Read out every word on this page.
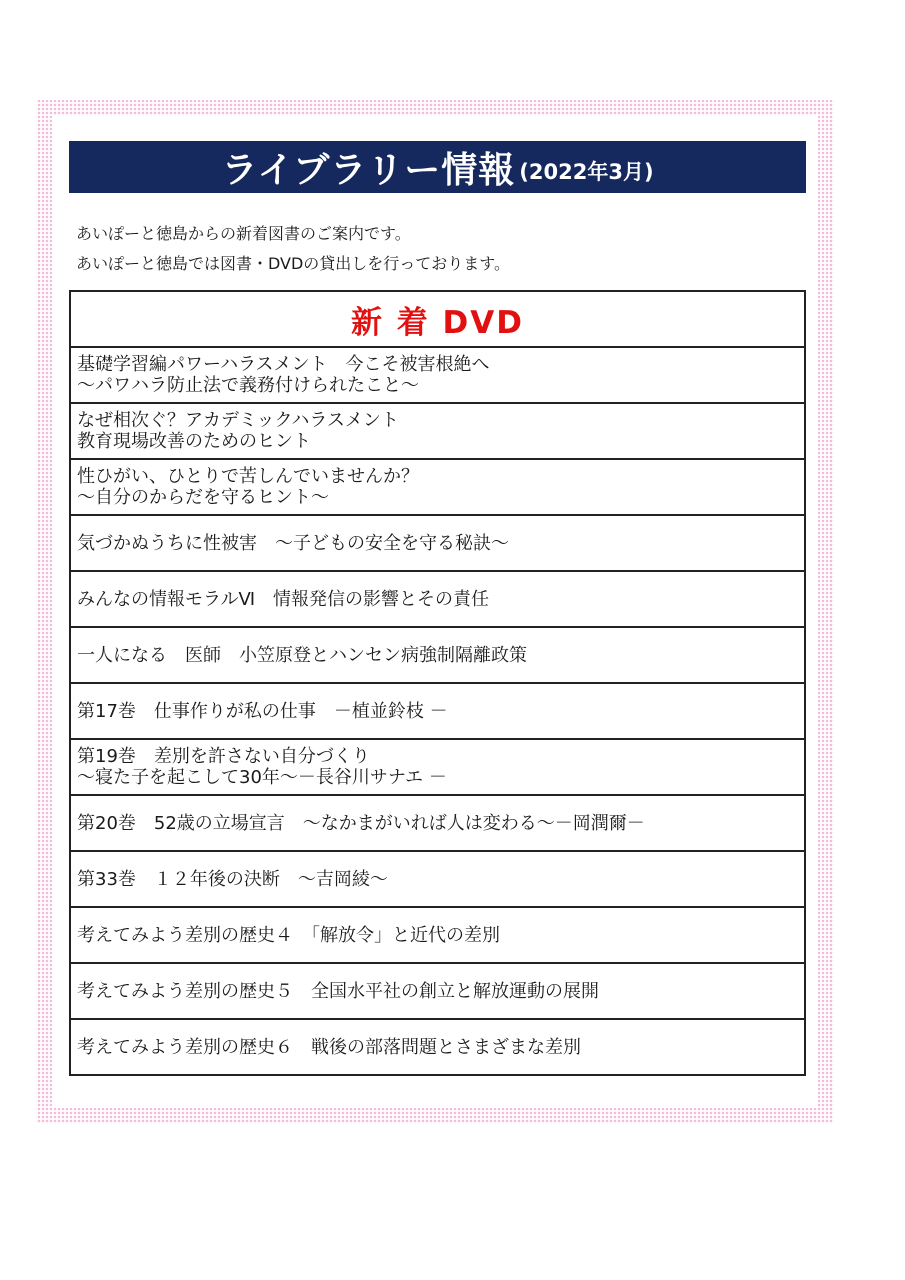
ライブラリー情報 (2022年3月)
あいぽーと徳島からの新着図書のご案内です。
あいぽーと徳島では図書・DVDの貸出しを行っております。
新 着 DVD
基礎学習編パワーハラスメント　今こそ被害根絶へ
～パワハラ防止法で義務付けられたこと～
なぜ相次ぐ？アカデミックハラスメント
教育現場改善のためのヒント
性ひがい、ひとりで苦しんでいませんか？
～自分のからだを守るヒント～
気づかぬうちに性被害　～子どもの安全を守る秘訣～
みんなの情報モラルⅥ　情報発信の影響とその責任
一人になる　医師　小笠原登とハンセン病強制隔離政策
第17巻　仕事作りが私の仕事　－植並鈴枝 －
第19巻　差別を許さない自分づくり
～寝た子を起こして30年～－長谷川サナエ －
第20巻　52歳の立場宣言　～なかまがいれば人は変わる～－岡潤爾－
第33巻　１２年後の決断　～吉岡綾～
考えてみよう差別の歴史４　「解放令」と近代の差別
考えてみよう差別の歴史５　全国水平社の創立と解放運動の展開
考えてみよう差別の歴史６　戦後の部落問題とさまざまな差別
